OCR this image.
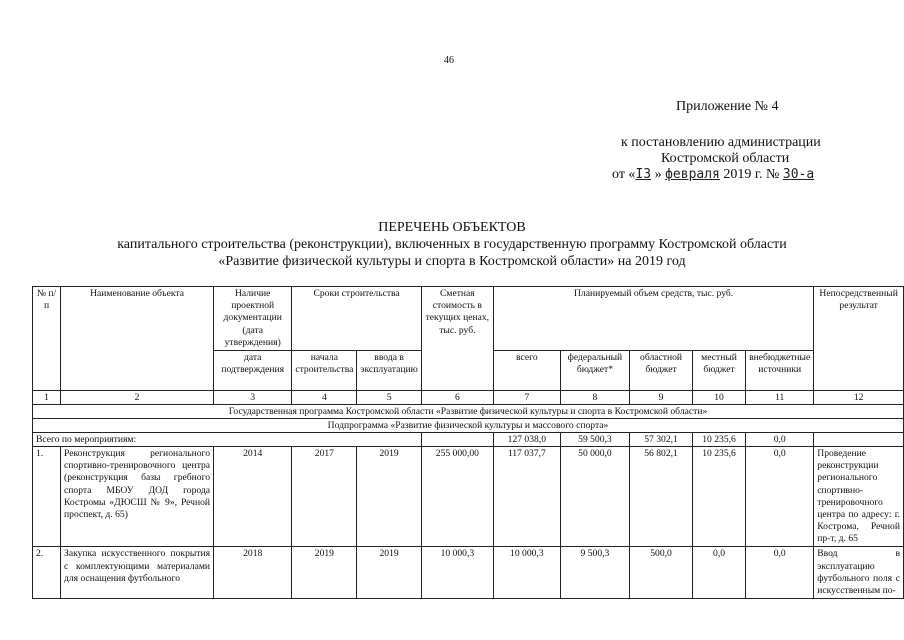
46
Приложение № 4
к постановлению администрации
Костромской области
от «I3 » февраля 2019 г. № 30-а
ПЕРЕЧЕНЬ ОБЪЕКТОВ
капитального строительства (реконструкции), включенных в государственную программу Костромской области
«Развитие физической культуры и спорта в Костромской области» на 2019 год
№ п/п	Наименование объекта	Наличие проектной документации (дата утверждения)	Сроки строительства		Сметная стоимость в текущих ценах, тыс. руб.	Планируемый объем средств, тыс. руб.					Непосредственный результат
		дата подтверждения	начала строительства	ввода в эксплуатацию		всего	федеральный бюджет*	областной бюджет	местный бюджет	внебюджетные источники	
1	2	3	4	5	6	7	8	9	10	11	12
Государственная программа Костромской области «Развитие физической культуры и спорта в Костромской области»											
Подпрограмма «Развитие физической культуры и массового спорта»											
Всего по мероприятиям:						127 038,0	59 500,3	57 302,1	10 235,6	0,0	
1.	Реконструкция регионального спортивно-тренировочного центра (реконструкция базы гребного спорта МБОУ ДОД города Костромы «ДЮСШ № 9», Речной проспект, д. 65)	2014	2017	2019	255 000,00	117 037,7	50 000,0	56 802,1	10 235,6	0,0	Проведение реконструкции регионального спортивно-тренировочного центра по адресу: г. Кострома, Речной пр-т, д. 65
2.	Закупка искусственного покрытия с комплектующими материалами для оснащения футбольного	2018	2019	2019	10 000,3	10 000,3	9 500,3	500,0	0,0	0,0	Ввод в эксплуатацию футбольного поля с искусственным по-
